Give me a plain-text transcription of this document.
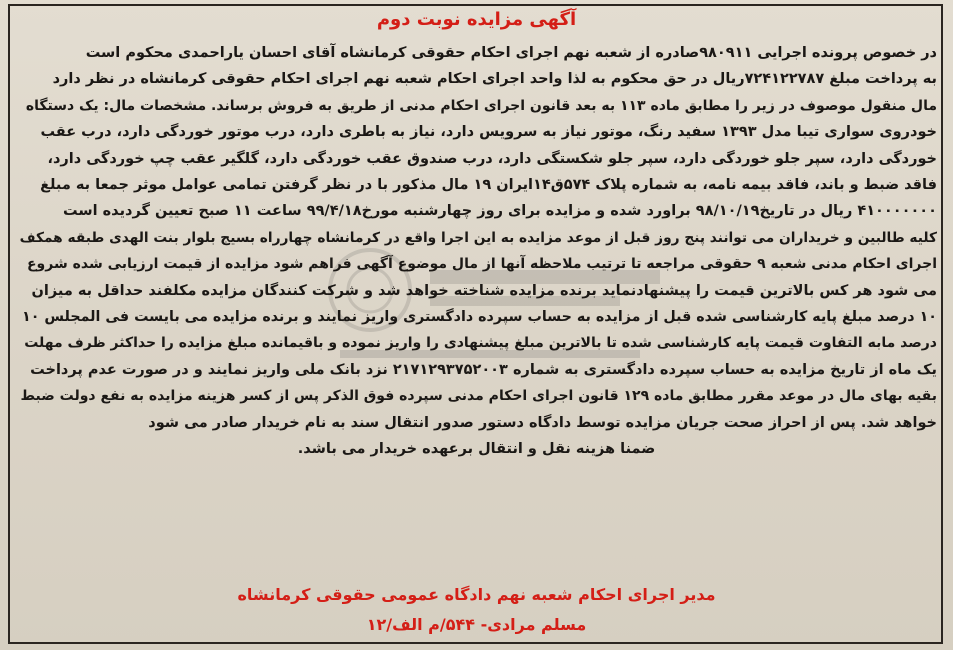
آگهی مزایده نوبت دوم
در خصوص پرونده اجرایی ۹۸۰۹۱۱صادره از شعبه نهم اجرای احکام حقوقی کرمانشاه آقای احسان یاراحمدی محکوم است
به پرداخت مبلغ ۷۲۴۱۲۲۷۸۷ریال در حق محکوم به لذا واحد اجرای احکام شعبه نهم اجرای احکام حقوقی کرمانشاه در نظر دارد
مال منقول موصوف در زیر را مطابق ماده ۱۱۳ به بعد قانون اجرای احکام مدنی از طریق به فروش برساند. مشخصات مال: یک دستگاه
خودروی سواری تیبا مدل ۱۳۹۳ سفید رنگ، موتور نیاز به سرویس دارد، نیاز به باطری دارد، درب موتور خوردگی دارد، درب عقب
خوردگی دارد، سپر جلو خوردگی دارد، سپر جلو شکستگی دارد، درب صندوق عقب خوردگی دارد، گلگیر عقب چپ خوردگی دارد،
فاقد ضبط و باند، فاقد بیمه نامه، به شماره پلاک ۵۷۴ق۱۴ایران ۱۹ مال مذکور با در نظر گرفتن تمامی عوامل موثر جمعا به مبلغ
۴۱۰۰۰۰۰۰۰ ریال در تاریخ۹۸/۱۰/۱۹ براورد شده و مزایده برای روز چهارشنبه مورخ۹۹/۴/۱۸ ساعت ۱۱ صبح تعیین گردیده است
کلیه طالبین و خریداران می توانند پنج روز قبل از موعد مزایده به این اجرا واقع در کرمانشاه چهارراه بسیج بلوار بنت الهدی طبقه همکف
اجرای احکام مدنی شعبه ۹ حقوقی مراجعه تا ترتیب ملاحظه آنها از مال موضوع آگهی فراهم شود مزایده از قیمت ارزیابی شده شروع
می شود هر کس بالاترین قیمت را پیشنهادنماید برنده مزایده شناخته خواهد شد و شرکت کنندگان مزایده مکلفند حداقل به میزان
۱۰ درصد مبلغ پایه کارشناسی شده قبل از مزایده به حساب سپرده دادگستری واریز نمایند و برنده مزایده می بایست فی المجلس ۱۰
درصد مابه التفاوت قیمت پایه کارشناسی شده تا بالاترین مبلغ پیشنهادی را واریز نموده و باقیمانده مبلغ مزایده را حداکثر ظرف مهلت
یک ماه از تاریخ مزایده به حساب سپرده دادگستری به شماره ۲۱۷۱۲۹۳۷۵۲۰۰۳ نزد بانک ملی واریز نمایند و در صورت عدم پرداخت
بقیه بهای مال در موعد مقرر مطابق ماده ۱۲۹ قانون اجرای احکام مدنی سپرده فوق الذکر پس از کسر هزینه مزایده به نفع دولت ضبط
خواهد شد. پس از احراز صحت جریان مزایده توسط دادگاه دستور صدور انتقال سند به نام خریدار صادر می شود
ضمنا هزینه نقل و انتقال برعهده خریدار می باشد.
مدیر اجرای احکام شعبه نهم دادگاه عمومی حقوقی کرمانشاه
مسلم مرادی- ۵۴۴/م الف/۱۲
